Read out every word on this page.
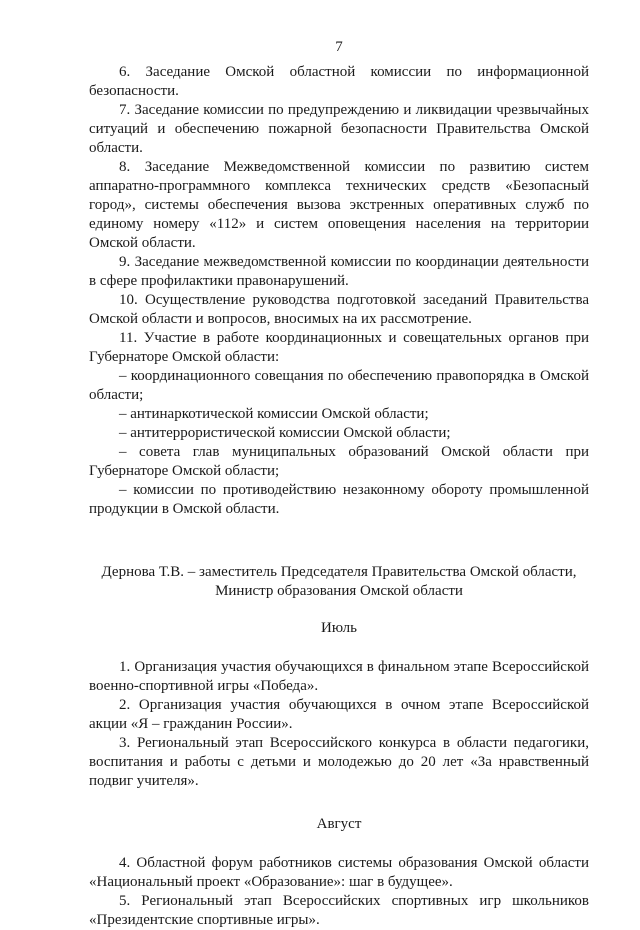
7

6. Заседание Омской областной комиссии по информационной безопасности.

7. Заседание комиссии по предупреждению и ликвидации чрезвычайных ситуаций и обеспечению пожарной безопасности Правительства Омской области.

8. Заседание Межведомственной комиссии по развитию систем аппаратно-программного комплекса технических средств «Безопасный город», системы обеспечения вызова экстренных оперативных служб по единому номеру «112» и систем оповещения населения на территории Омской области.

9. Заседание межведомственной комиссии по координации деятельности в сфере профилактики правонарушений.

10. Осуществление руководства подготовкой заседаний Правительства Омской области и вопросов, вносимых на их рассмотрение.

11. Участие в работе координационных и совещательных органов при Губернаторе Омской области:

– координационного совещания по обеспечению правопорядка в Омской области;

– антинаркотической комиссии Омской области;

– антитеррористической комиссии Омской области;

– совета глав муниципальных образований Омской области при Губернаторе Омской области;

– комиссии по противодействию незаконному обороту промышленной продукции в Омской области.

Дернова Т.В. – заместитель Председателя Правительства Омской области,
Министр образования Омской области
Июль

1. Организация участия обучающихся в финальном этапе Всероссийской военно-спортивной игры «Победа».

2. Организация участия обучающихся в очном этапе Всероссийской акции «Я – гражданин России».

3. Региональный этап Всероссийского конкурса в области педагогики, воспитания и работы с детьми и молодежью до 20 лет «За нравственный подвиг учителя».

Август

4. Областной форум работников системы образования Омской области «Национальный проект «Образование»: шаг в будущее».

5. Региональный этап Всероссийских спортивных игр школьников «Президентские спортивные игры».
